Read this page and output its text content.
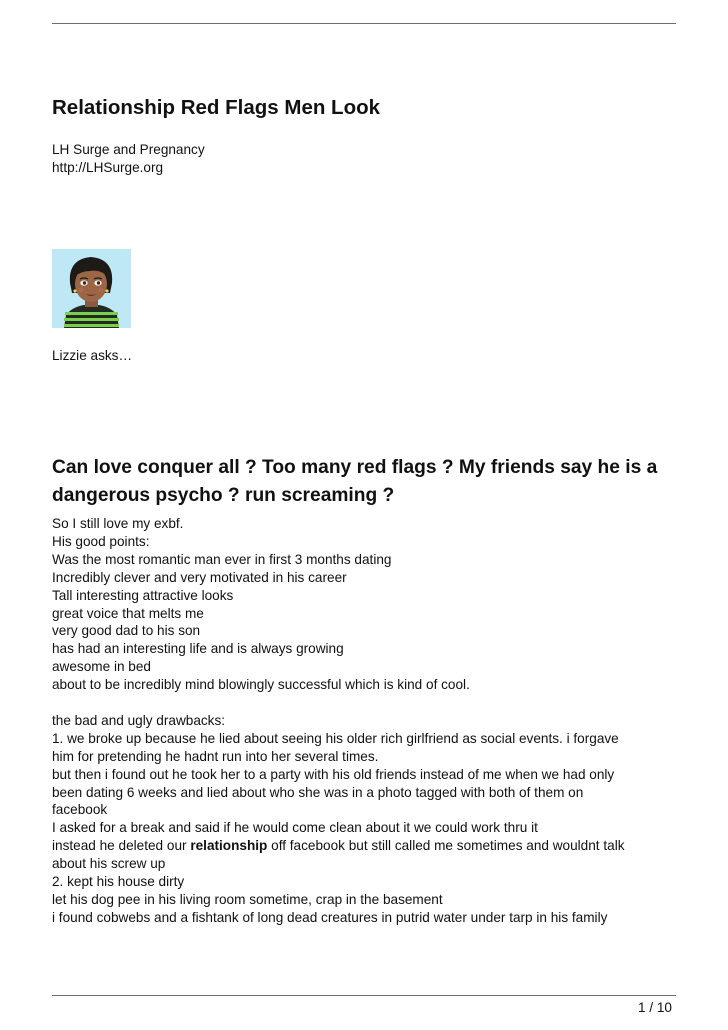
Relationship Red Flags Men Look
LH Surge and Pregnancy
http://LHSurge.org
Lizzie asks…
Can love conquer all ? Too many red flags ? My friends say he is a dangerous psycho ? run screaming ?
So I still love my exbf.
His good points:
Was the most romantic man ever in first 3 months dating
Incredibly clever and very motivated in his career
Tall interesting attractive looks
great voice that melts me
very good dad to his son
has had an interesting life and is always growing
awesome in bed
about to be incredibly mind blowingly successful which is kind of cool.
the bad and ugly drawbacks:
1. we broke up because he lied about seeing his older rich girlfriend as social events. i forgave
him for pretending he hadnt run into her several times.
but then i found out he took her to a party with his old friends instead of me when we had only
been dating 6 weeks and lied about who she was in a photo tagged with both of them on
facebook
I asked for a break and said if he would come clean about it we could work thru it
instead he deleted our relationship off facebook but still called me sometimes and wouldnt talk
about his screw up
2. kept his house dirty
let his dog pee in his living room sometime, crap in the basement
i found cobwebs and a fishtank of long dead creatures in putrid water under tarp in his family
1 / 10
